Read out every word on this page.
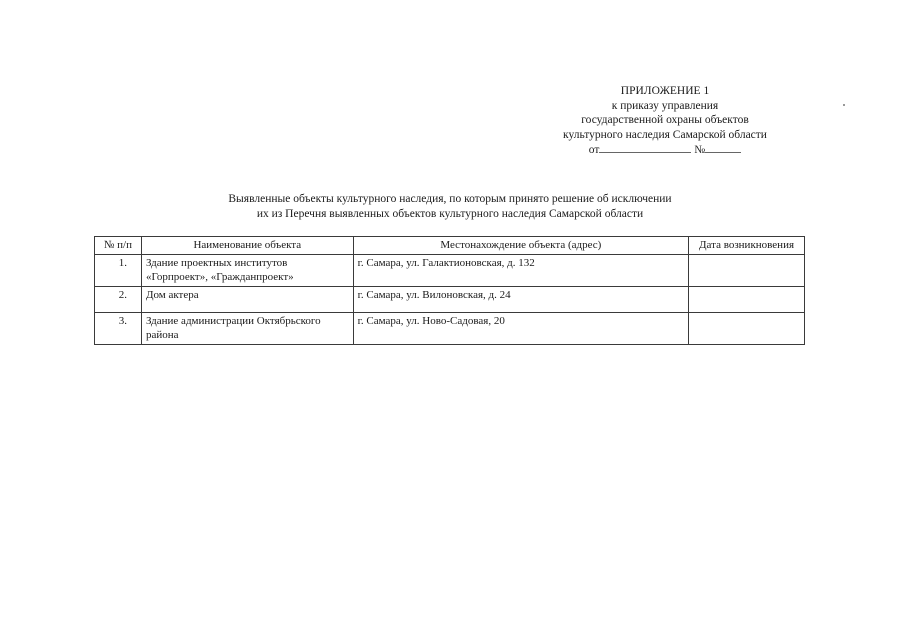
ПРИЛОЖЕНИЕ 1
к приказу управления
государственной охраны объектов
культурного наследия Самарской области
от	№
Выявленные объекты культурного наследия, по которым принято решение об исключении
их из Перечня выявленных объектов культурного наследия Самарской области
№ п/п	Наименование объекта	Местонахождение объекта (адрес)	Дата возникновения
1.	Здание проектных институтов «Горпроект», «Гражданпроект»	г. Самара, ул. Галактионовская, д. 132	
2.	Дом актера	г. Самара, ул. Вилоновская, д. 24	
3.	Здание администрации Октябрьского района	г. Самара, ул. Ново-Садовая, 20	
